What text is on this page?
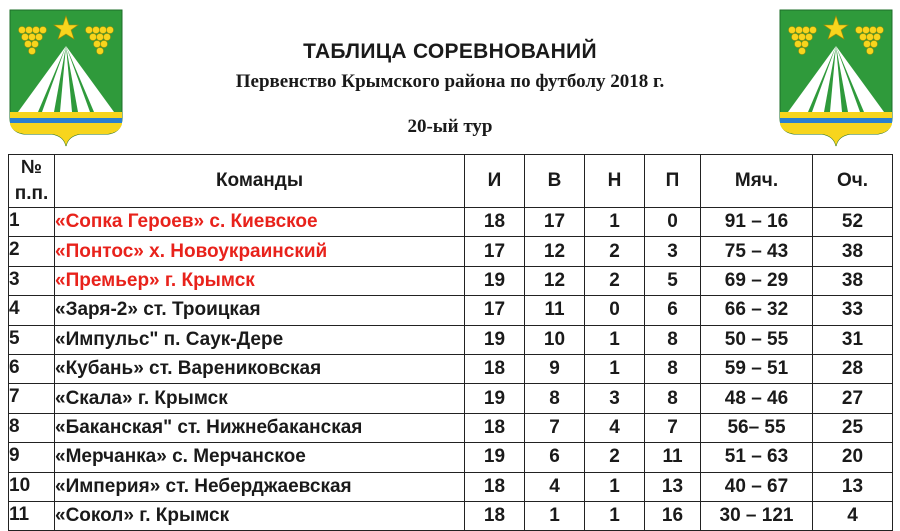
ТАБЛИЦА СОРЕВНОВАНИЙ
Первенство Крымского района по футболу 2018 г.
20-ый тур
№ п.п.	Команды	И	В	Н	П	Мяч.	Оч.
1	«Сопка Героев» с. Киевское	18	17	1	0	91 – 16	52
2	«Понтос» х. Новоукраинский	17	12	2	3	75 – 43	38
3	«Премьер» г. Крымск	19	12	2	5	69 – 29	38
4	«Заря-2» ст. Троицкая	17	11	0	6	66 – 32	33
5	«Импульс" п. Саук-Дере	19	10	1	8	50 – 55	31
6	«Кубань» ст. Варениковская	18	9	1	8	59 – 51	28
7	«Скала» г. Крымск	19	8	3	8	48 – 46	27
8	«Баканская" ст. Нижнебаканская	18	7	4	7	56– 55	25
9	«Мерчанка» с. Мерчанское	19	6	2	11	51 – 63	20
10	«Империя» ст. Неберджаевская	18	4	1	13	40 – 67	13
11	«Сокол» г. Крымск	18	1	1	16	30 – 121	4
